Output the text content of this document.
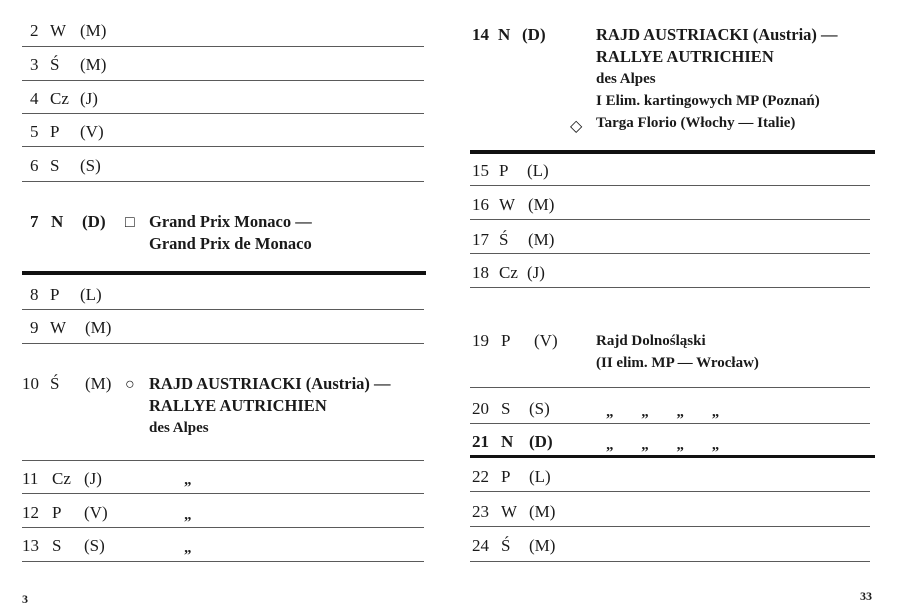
2 W (M)
3 Ś (M)
4 Cz (J)
5 P (V)
6 S (S)
7 N (D) □ Grand Prix Monaco —
Grand Prix de Monaco
8 P (L)
9 W (M)
10 Ś (M) ○ RAJD AUSTRIACKI (Austria) —
RALLYE AUTRICHIEN
des Alpes
11 Cz (J)	„
12 P (V)	„
13 S (S)	„
3
14 N (D)	RAJD AUSTRIACKI (Austria) —
RALLYE AUTRICHIEN
des Alpes
I Elim. kartingowych MP (Poznań)
Targa Florio (Włochy — Italie)
◇
15 P (L)
16 W (M)
17 Ś (M)
18 Cz (J)
19 P (V)	Rajd Dolnośląski
(II elim. MP — Wrocław)
20 S (S)	„ „ „ „
21 N (D)	„ „ „ „
22 P (L)
23 W (M)
24 Ś (M)
33
